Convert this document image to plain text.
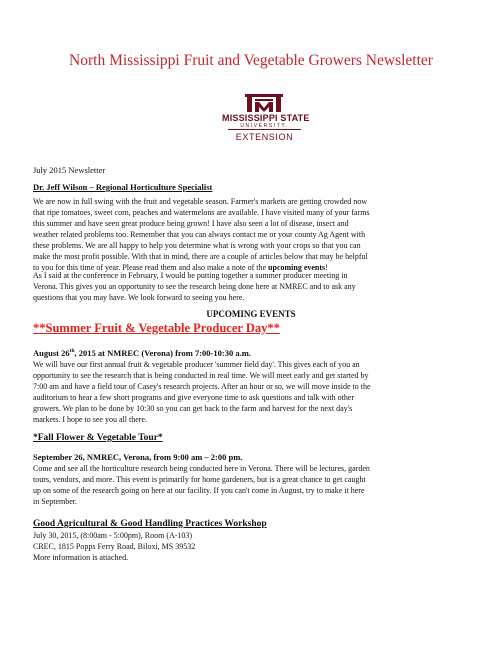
North Mississippi Fruit and Vegetable Growers Newsletter
MISSISSIPPI STATE
UNIVERSITY.
EXTENSION
July 2015 Newsletter
Dr. Jeff Wilson – Regional Horticulture Specialist
We are now in full swing with the fruit and vegetable season. Farmer's markets are getting crowded now
that ripe tomatoes, sweet corn, peaches and watermelons are available. I have visited many of your farms
this summer and have seen great produce being grown! I have also seen a lot of disease, insect and
weather related problems too. Remember that you can always contact me or your county Ag Agent with
these problems. We are all happy to help you determine what is wrong with your crops so that you can
make the most profit possible. With that in mind, there are a couple of articles below that may be helpful
to you for this time of year. Please read them and also make a note of the upcoming events!
As I said at the conference in February, I would be putting together a summer producer meeting in
Verona. This gives you an opportunity to see the research being done here at NMREC and to ask any
questions that you may have. We look forward to seeing you here.
UPCOMING EVENTS
**Summer Fruit & Vegetable Producer Day**
August 26th, 2015 at NMREC (Verona) from 7:00-10:30 a.m.
We will have our first annual fruit & vegetable producer 'summer field day'. This gives each of you an
opportunity to see the research that is being conducted in real time. We will meet early and get started by
7:00 am and have a field tour of Casey's research projects. After an hour or so, we will move inside to the
auditorium to hear a few short programs and give everyone time to ask questions and talk with other
growers. We plan to be done by 10:30 so you can get back to the farm and harvest for the next day's
markets. I hope to see you all there.
*Fall Flower & Vegetable Tour*
September 26, NMREC, Verona, from 9:00 am – 2:00 pm.
Come and see all the horticulture research being conducted here in Verona. There will be lectures, garden
tours, vendors, and more. This event is primarily for home gardeners, but is a great chance to get caught
up on some of the research going on here at our facility. If you can't come in August, try to make it here
in September.
Good Agricultural & Good Handling Practices Workshop
July 30, 2015, (8:00am - 5:00pm), Room (A-103)
CREC, 1815 Popps Ferry Road, Biloxi, MS 39532
More information is attached.
